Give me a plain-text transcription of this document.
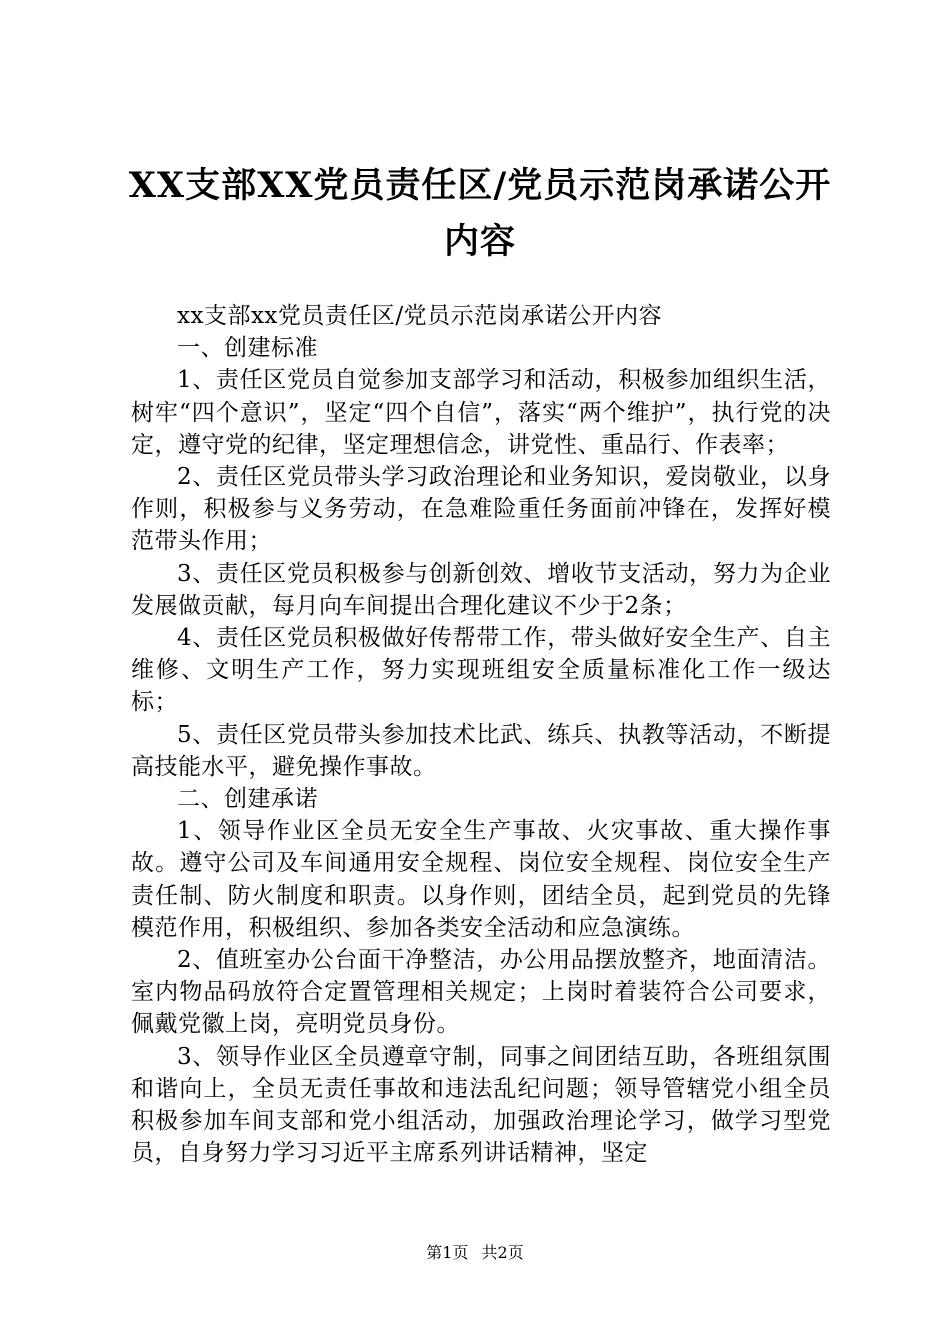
XX支部XX党员责任区/党员示范岗承诺公开内容

xx支部xx党员责任区/党员示范岗承诺公开内容

一、创建标准

1、责任区党员自觉参加支部学习和活动，积极参加组织生活，树牢“四个意识”，坚定“四个自信”，落实“两个维护”，执行党的决定，遵守党的纪律，坚定理想信念，讲党性、重品行、作表率；

2、责任区党员带头学习政治理论和业务知识，爱岗敬业，以身作则，积极参与义务劳动，在急难险重任务面前冲锋在，发挥好模范带头作用；

3、责任区党员积极参与创新创效、增收节支活动，努力为企业发展做贡献，每月向车间提出合理化建议不少于2条；

4、责任区党员积极做好传帮带工作，带头做好安全生产、自主维修、文明生产工作，努力实现班组安全质量标准化工作一级达标；

5、责任区党员带头参加技术比武、练兵、执教等活动，不断提高技能水平，避免操作事故。

二、创建承诺

1、领导作业区全员无安全生产事故、火灾事故、重大操作事故。遵守公司及车间通用安全规程、岗位安全规程、岗位安全生产责任制、防火制度和职责。以身作则，团结全员，起到党员的先锋模范作用，积极组织、参加各类安全活动和应急演练。

2、值班室办公台面干净整洁，办公用品摆放整齐，地面清洁。室内物品码放符合定置管理相关规定；上岗时着装符合公司要求，佩戴党徽上岗，亮明党员身份。

3、领导作业区全员遵章守制，同事之间团结互助，各班组氛围和谐向上，全员无责任事故和违法乱纪问题；领导管辖党小组全员积极参加车间支部和党小组活动，加强政治理论学习，做学习型党员，自身努力学习习近平主席系列讲话精神，坚定

第1页 共2页
